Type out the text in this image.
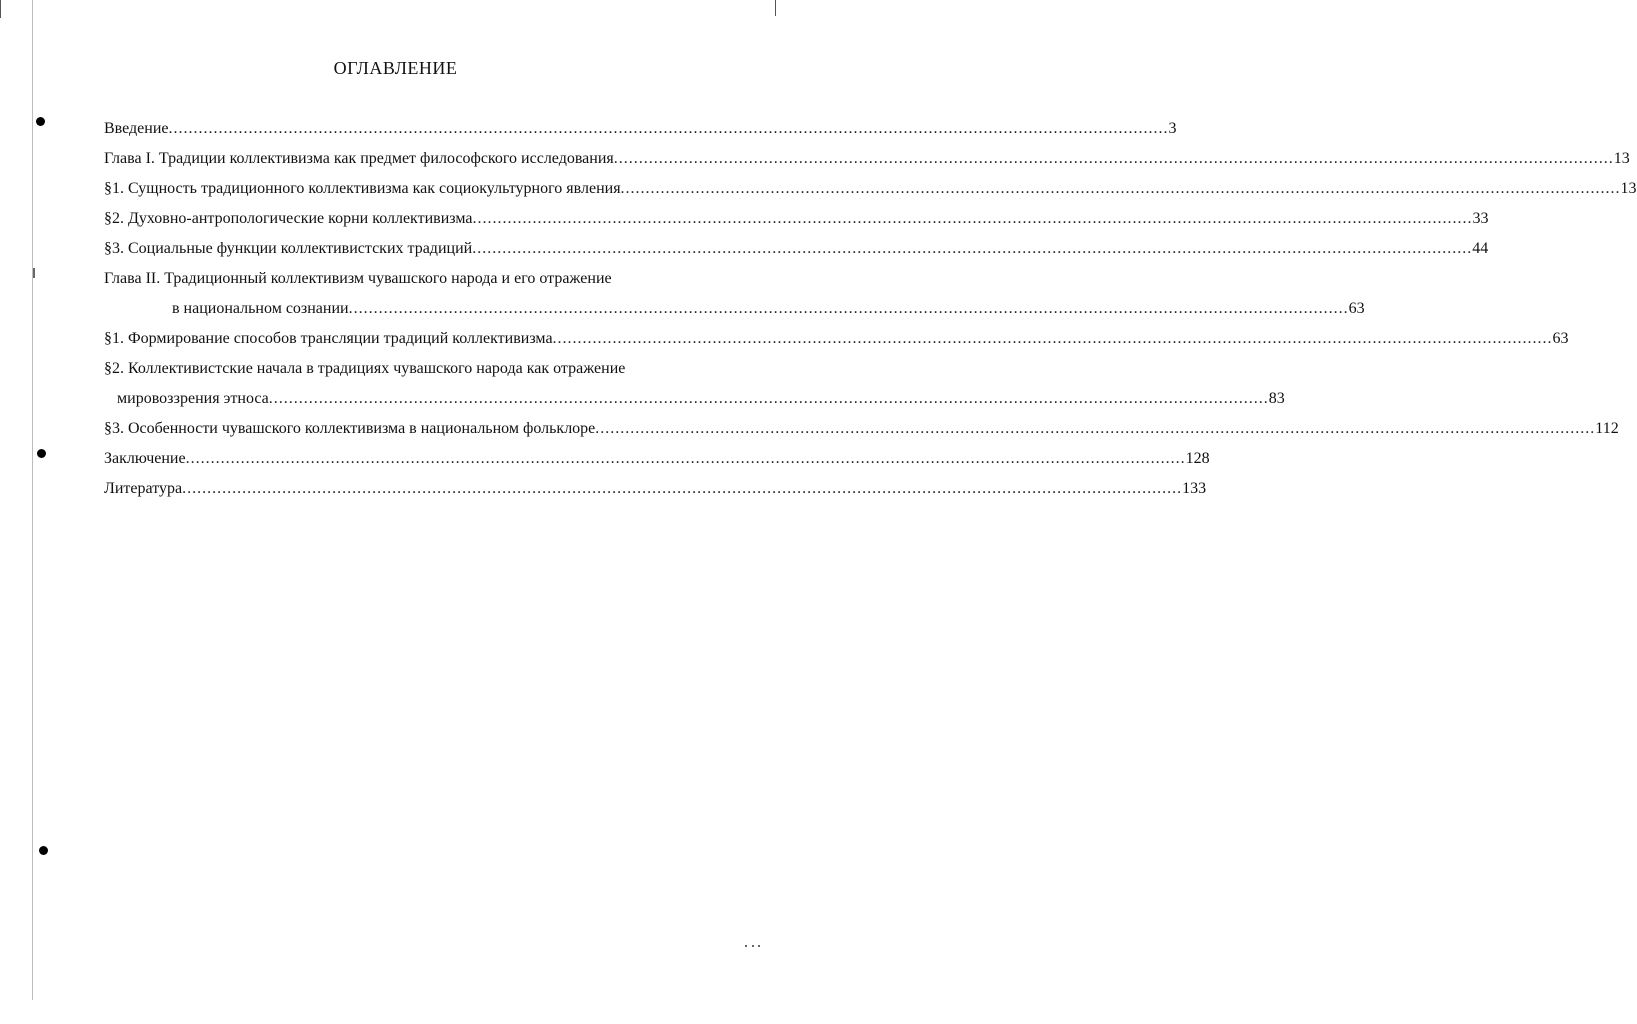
ОГЛАВЛЕНИЕ
Введение ........................................................................................................................................................................................................ 3
Глава I. Традиции коллективизма как предмет философского исследования ........................................................................................................................................................................................................ 13
§1. Сущность традиционного коллективизма как социокультурного явления ........................................................................................................................................................................................................ 13
§2. Духовно-антропологические корни коллективизма ........................................................................................................................................................................................................ 33
§3. Социальные функции коллективистских традиций ........................................................................................................................................................................................................ 44
Глава II. Традиционный коллективизм чувашского народа и его отражение
в национальном сознании ........................................................................................................................................................................................................ 63
§1. Формирование способов трансляции традиций коллективизма ........................................................................................................................................................................................................ 63
§2. Коллективистские начала в традициях чувашского народа как отражение
мировоззрения этноса ........................................................................................................................................................................................................ 83
§3. Особенности чувашского коллективизма в национальном фольклоре ........................................................................................................................................................................................................ 112
Заключение ........................................................................................................................................................................................................ 128
Литература ........................................................................................................................................................................................................ 133
